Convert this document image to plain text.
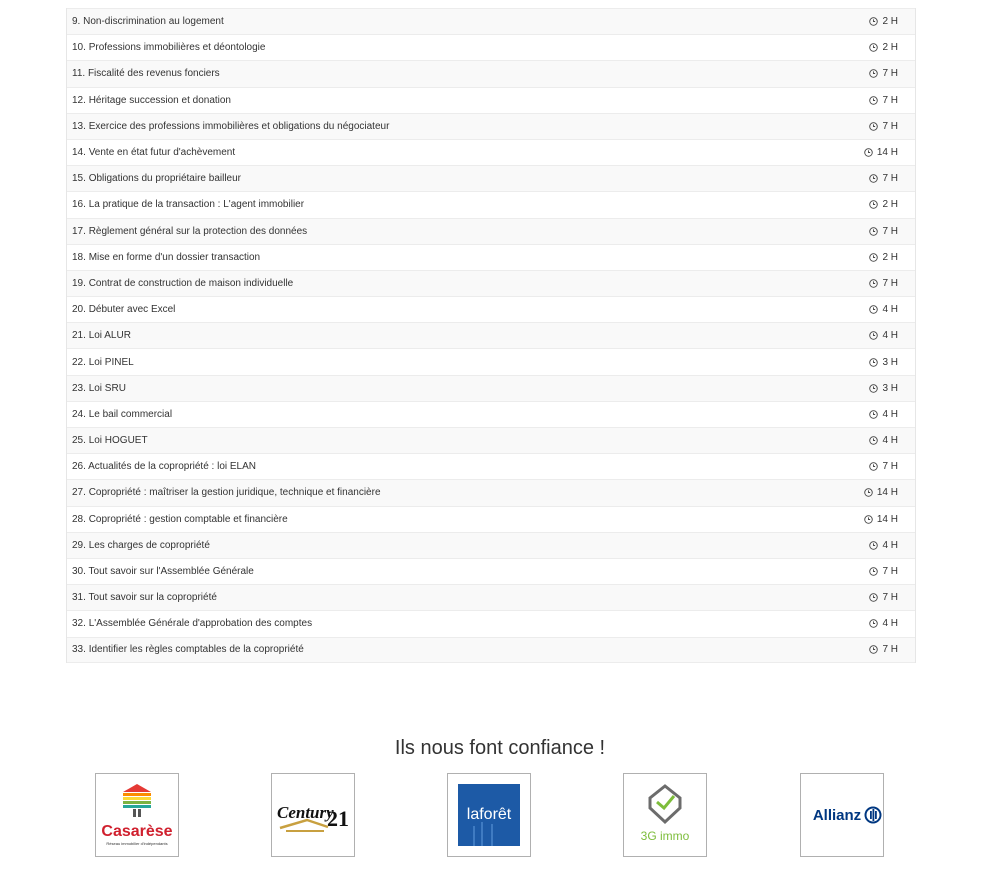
9. Non-discrimination au logement	2 H
10. Professions immobilières et déontologie	2 H
11. Fiscalité des revenus fonciers	7 H
12. Héritage succession et donation	7 H
13. Exercice des professions immobilières et obligations du négociateur	7 H
14. Vente en état futur d'achèvement	14 H
15. Obligations du propriétaire bailleur	7 H
16. La pratique de la transaction : L'agent immobilier	2 H
17. Règlement général sur la protection des données	7 H
18. Mise en forme d'un dossier transaction	2 H
19. Contrat de construction de maison individuelle	7 H
20. Débuter avec Excel	4 H
21. Loi ALUR	4 H
22. Loi PINEL	3 H
23. Loi SRU	3 H
24. Le bail commercial	4 H
25. Loi HOGUET	4 H
26. Actualités de la copropriété : loi ELAN	7 H
27. Copropriété : maîtriser la gestion juridique, technique et financière	14 H
28. Copropriété : gestion comptable et financière	14 H
29. Les charges de copropriété	4 H
30. Tout savoir sur l'Assemblée Générale	7 H
31. Tout savoir sur la copropriété	7 H
32. L'Assemblée Générale d'approbation des comptes	4 H
33. Identifier les règles comptables de la copropriété	7 H
Ils nous font confiance !
Casarèse
Réseau immobilier d'indépendants
Century
21	laforêt
3G immo
Allianz
